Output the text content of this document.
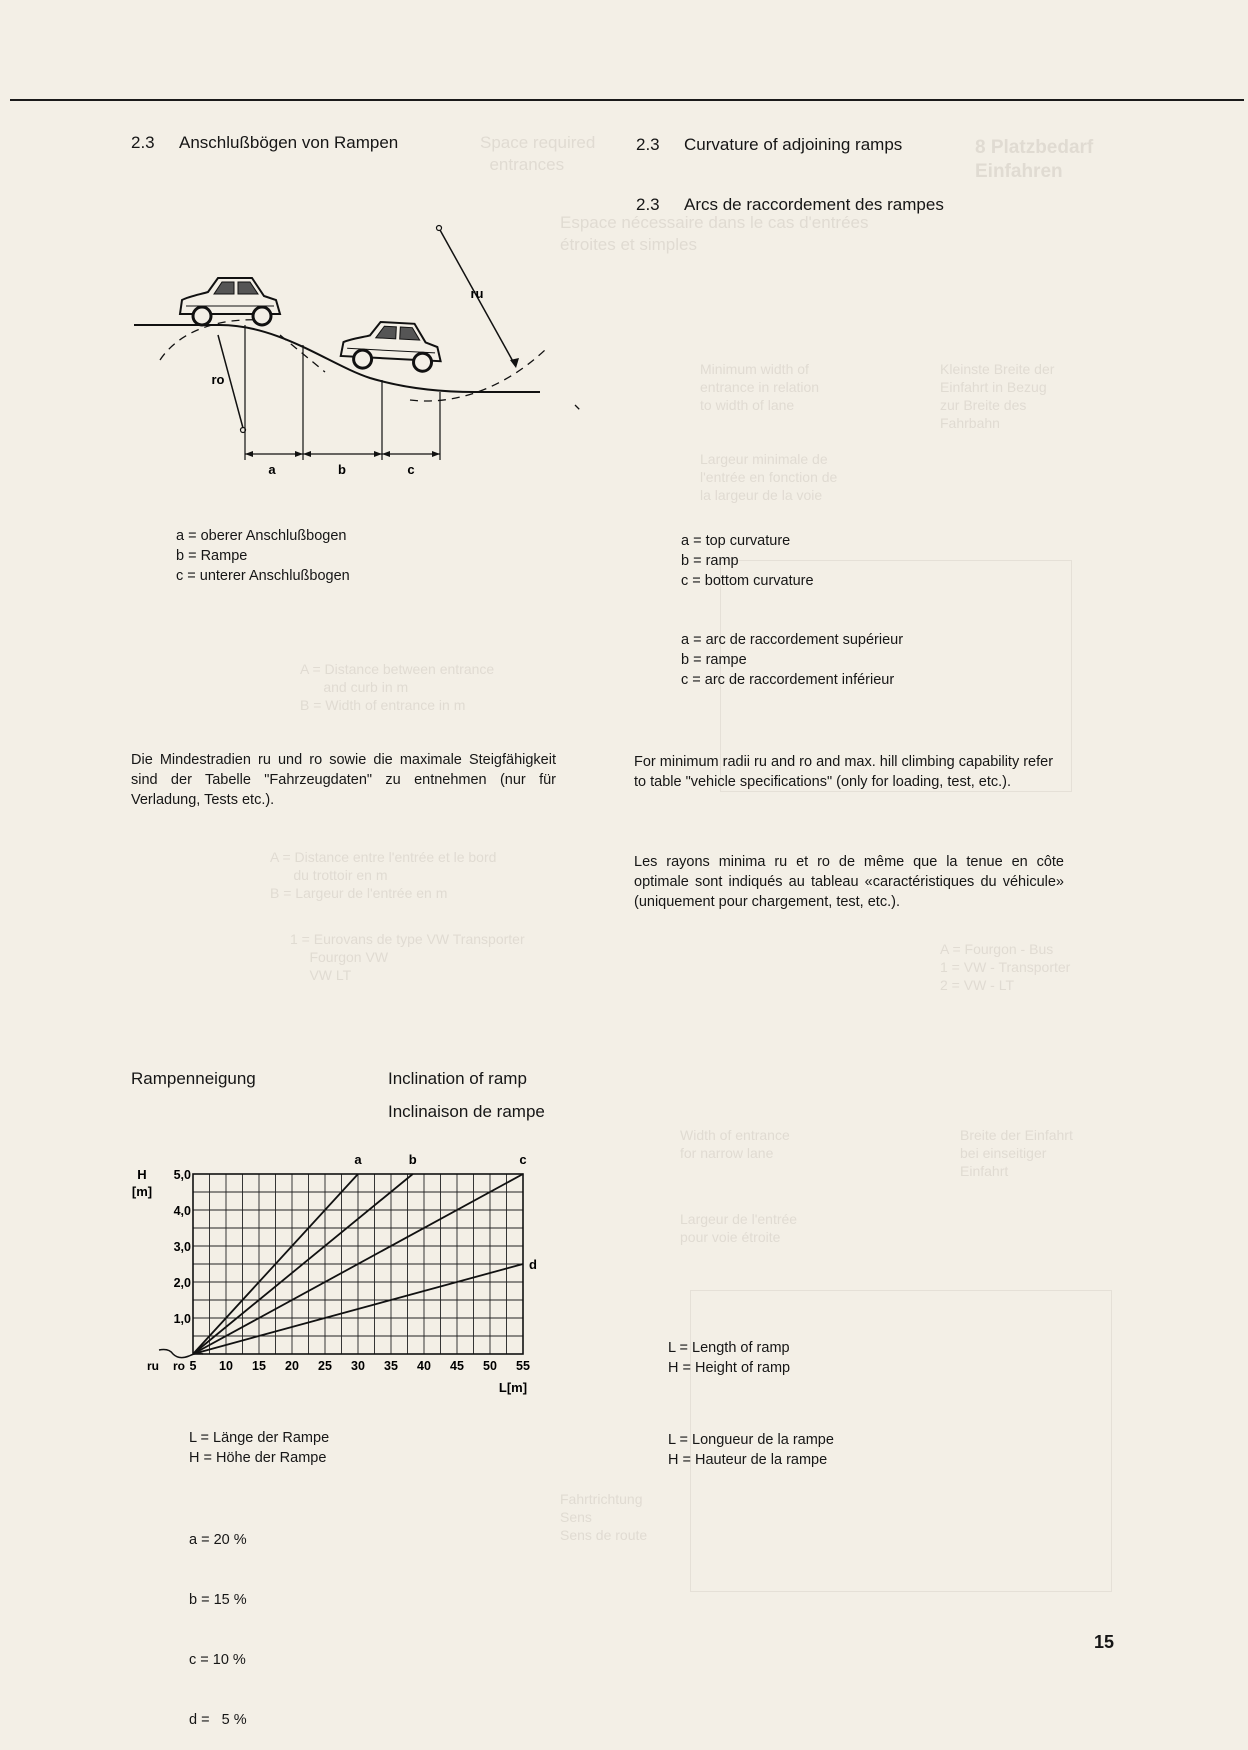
8 Platzbedarf
Einfahren
Space required
entrances
Espace nécessaire dans le cas d'entrées
étroites et simples
Kleinste Breite der
Einfahrt in Bezug
zur Breite des
Fahrbahn
Minimum width of
entrance in relation
to width of lane
Largeur minimale de
l'entrée en fonction de
la largeur de la voie
A = Distance between entrance
and curb in m
B = Width of entrance in m
A = Distance entre l'entrée et le bord
du trottoir en m
B = Largeur de l'entrée en m
1 = Eurovans de type VW Transporter
Fourgon VW
VW LT
A = Fourgon - Bus
1 = VW - Transporter
2 = VW - LT
Breite der Einfahrt
bei einseitiger
Einfahrt
Width of entrance
for narrow lane
Largeur de l'entrée
pour voie étroite
Fahrtrichtung
Sens
Sens de route
2.3 Anschlußbögen von Rampen	2.3 Curvature of adjoining ramps
2.3 Arcs de raccordement des rampes
ro
ru
a	b	c
a = oberer Anschlußbogen
b = Rampe
c = unterer Anschlußbogen
a = top curvature
b = ramp
c = bottom curvature
a = arc de raccordement supérieur
b = rampe
c = arc de raccordement inférieur
Die Mindestradien ru und ro sowie die maximale Steigfähigkeit sind der Tabelle "Fahrzeugdaten" zu entnehmen (nur für Verladung, Tests etc.).
For minimum radii ru and ro and max. hill climbing capability refer to table "vehicle specifications" (only for loading, test, etc.).
Les rayons minima ru et ro de même que la tenue en côte optimale sont indiqués au tableau «caractéristiques du véhicule» (uniquement pour chargement, test, etc.).
Rampenneigung	Inclination of ramp
Inclinaison de rampe
a	b	c
d
5 10 15 20 25 30 35 40 45 50 55
1,0
2,0
3,0
4,0
5,0
H
[m]
L[m]
ru ro
L = Länge der Rampe
H = Höhe der Rampe
L = Length of ramp
H = Height of ramp
L = Longueur de la rampe
H = Hauteur de la rampe

a = 20 %

b = 15 %

c = 10 %

d =   5 %

15
